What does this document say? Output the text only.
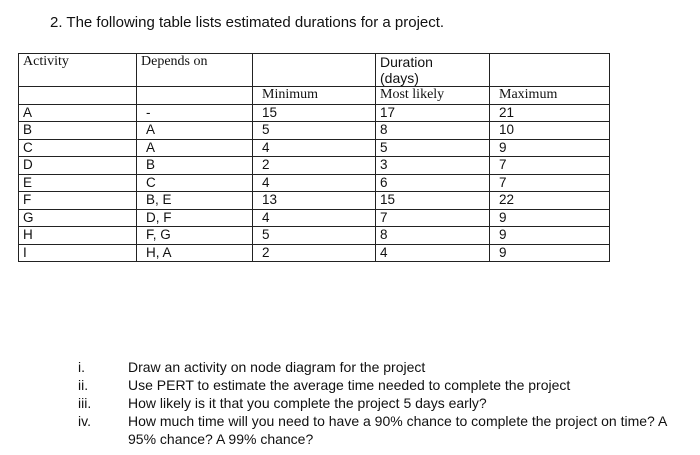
2. The following table lists estimated durations for a project.
Activity	Depends on		Duration
(days)	

		Minimum	Most likely	Maximum
A	-	15	17	21
B	A	5	8	10
C	A	4	5	9
D	B	2	3	7
E	C	4	6	7
F	B, E	13	15	22
G	D, F	4	7	9
H	F, G	5	8	9
I	H, A	2	4	9
i.	Draw an activity on node diagram for the project
ii.	Use PERT to estimate the average time needed to complete the project
iii.	How likely is it that you complete the project 5 days early?
iv.	How much time will you need to have a 90% chance to complete the project on time? A 95% chance? A 99% chance?
